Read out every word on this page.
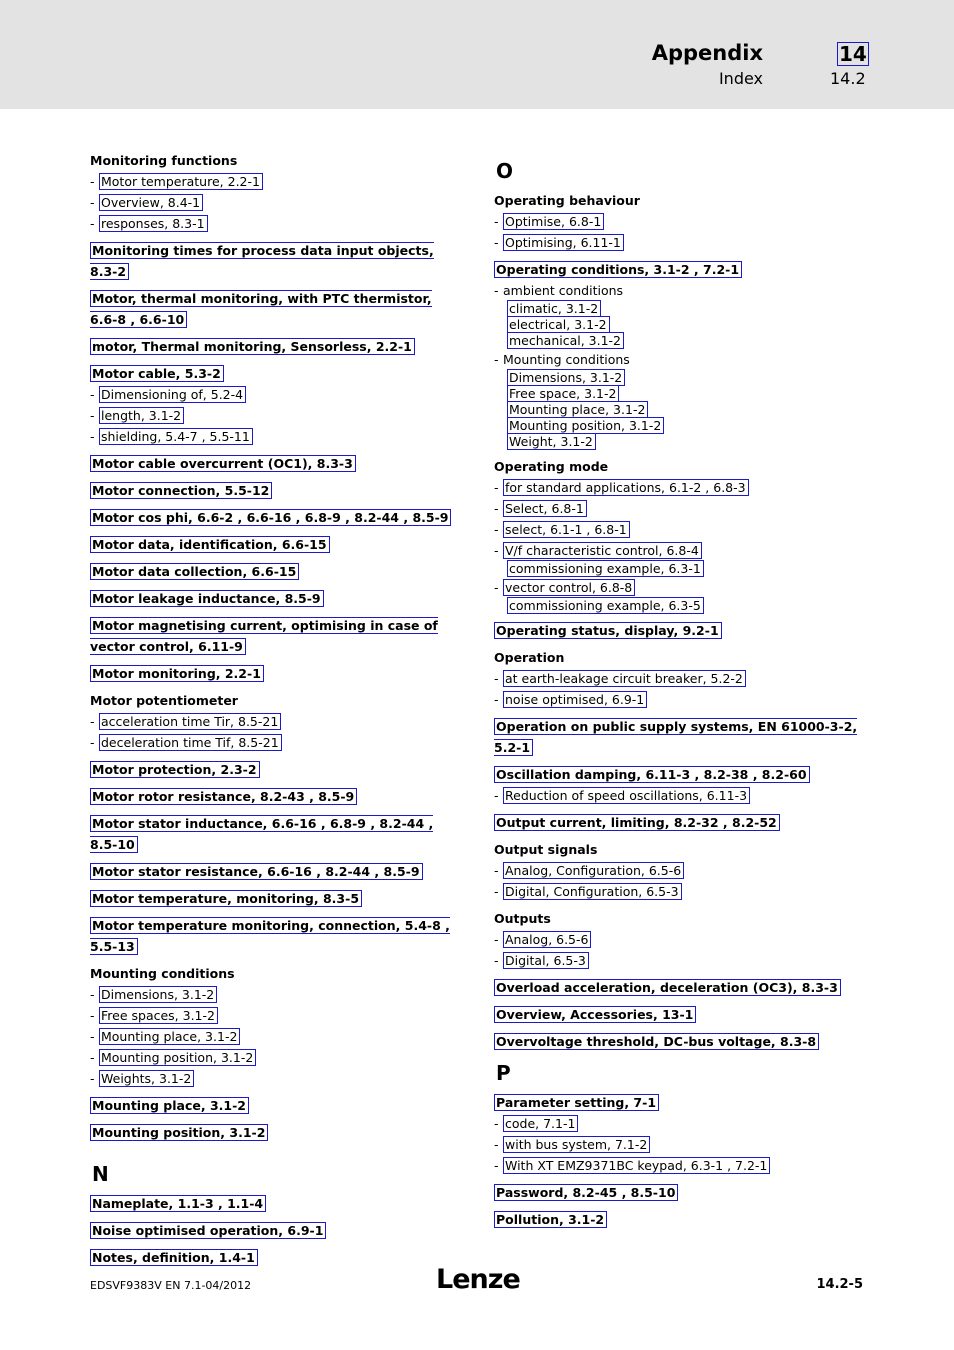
Appendix
Index
14
14.2
Monitoring functions
- Motor temperature, 2.2-1
- Overview, 8.4-1
- responses, 8.3-1
Monitoring times for process data input objects, 8.3-2
Motor, thermal monitoring, with PTC thermistor, 6.6-8 , 6.6-10
motor, Thermal monitoring, Sensorless, 2.2-1
Motor cable, 5.3-2
- Dimensioning of, 5.2-4
- length, 3.1-2
- shielding, 5.4-7 , 5.5-11
Motor cable overcurrent (OC1), 8.3-3
Motor connection, 5.5-12
Motor cos phi, 6.6-2 , 6.6-16 , 6.8-9 , 8.2-44 , 8.5-9
Motor data, identification, 6.6-15
Motor data collection, 6.6-15
Motor leakage inductance, 8.5-9
Motor magnetising current, optimising in case of vector control, 6.11-9
Motor monitoring, 2.2-1
Motor potentiometer
- acceleration time Tir, 8.5-21
- deceleration time Tif, 8.5-21
Motor protection, 2.3-2
Motor rotor resistance, 8.2-43 , 8.5-9
Motor stator inductance, 6.6-16 , 6.8-9 , 8.2-44 , 8.5-10
Motor stator resistance, 6.6-16 , 8.2-44 , 8.5-9
Motor temperature, monitoring, 8.3-5
Motor temperature monitoring, connection, 5.4-8 , 5.5-13
Mounting conditions
- Dimensions, 3.1-2
- Free spaces, 3.1-2
- Mounting place, 3.1-2
- Mounting position, 3.1-2
- Weights, 3.1-2
Mounting place, 3.1-2
Mounting position, 3.1-2
N
Nameplate, 1.1-3 , 1.1-4
Noise optimised operation, 6.9-1
Notes, definition, 1.4-1
O
Operating behaviour
- Optimise, 6.8-1
- Optimising, 6.11-1
Operating conditions, 3.1-2 , 7.2-1
- ambient conditions
climatic, 3.1-2
electrical, 3.1-2
mechanical, 3.1-2
- Mounting conditions
Dimensions, 3.1-2
Free space, 3.1-2
Mounting place, 3.1-2
Mounting position, 3.1-2
Weight, 3.1-2
Operating mode
- for standard applications, 6.1-2 , 6.8-3
- Select, 6.8-1
- select, 6.1-1 , 6.8-1
- V/f characteristic control, 6.8-4
commissioning example, 6.3-1
- vector control, 6.8-8
commissioning example, 6.3-5
Operating status, display, 9.2-1
Operation
- at earth-leakage circuit breaker, 5.2-2
- noise optimised, 6.9-1
Operation on public supply systems, EN 61000-3-2, 5.2-1
Oscillation damping, 6.11-3 , 8.2-38 , 8.2-60
- Reduction of speed oscillations, 6.11-3
Output current, limiting, 8.2-32 , 8.2-52
Output signals
- Analog, Configuration, 6.5-6
- Digital, Configuration, 6.5-3
Outputs
- Analog, 6.5-6
- Digital, 6.5-3
Overload acceleration, deceleration (OC3), 8.3-3
Overview, Accessories, 13-1
Overvoltage threshold, DC-bus voltage, 8.3-8
P
Parameter setting, 7-1
- code, 7.1-1
- with bus system, 7.1-2
- With XT EMZ9371BC keypad, 6.3-1 , 7.2-1
Password, 8.2-45 , 8.5-10
Pollution, 3.1-2
EDSVF9383V EN 7.1-04/2012	Lenze	14.2-5
